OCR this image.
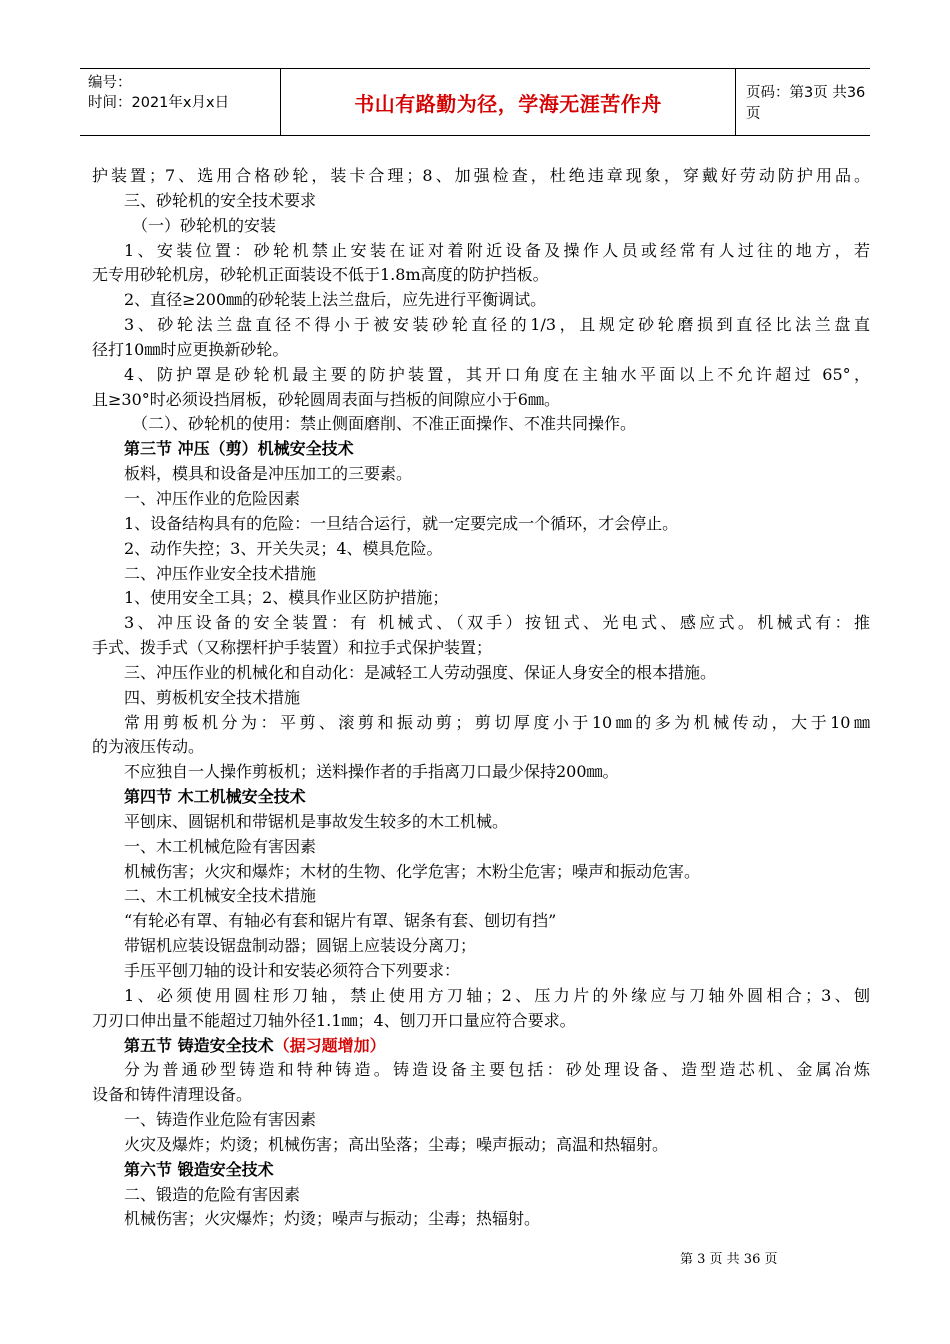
编号：
时间：2021年x月x日	书山有路勤为径，学海无涯苦作舟	页码：第3页 共36页
护装置；7、选用合格砂轮，装卡合理；8、加强检查，杜绝违章现象，穿戴好劳动防护用品。
三、砂轮机的安全技术要求
（一）砂轮机的安装
1、安装位置：砂轮机禁止安装在证对着附近设备及操作人员或经常有人过往的地方，若
无专用砂轮机房，砂轮机正面装设不低于1.8m高度的防护挡板。
2、直径≥200㎜的砂轮装上法兰盘后，应先进行平衡调试。
3、砂轮法兰盘直径不得小于被安装砂轮直径的1/3，且规定砂轮磨损到直径比法兰盘直
径打10㎜时应更换新砂轮。
4、防护罩是砂轮机最主要的防护装置，其开口角度在主轴水平面以上不允许超过 65°，
且≥30°时必须设挡屑板，砂轮圆周表面与挡板的间隙应小于6㎜。
（二）、砂轮机的使用：禁止侧面磨削、不准正面操作、不准共同操作。
第三节 冲压（剪）机械安全技术
板料，模具和设备是冲压加工的三要素。
一、冲压作业的危险因素
1、设备结构具有的危险：一旦结合运行，就一定要完成一个循环，才会停止。
2、动作失控；3、开关失灵；4、模具危险。
二、冲压作业安全技术措施
1、使用安全工具；2、模具作业区防护措施；
3、冲压设备的安全装置：有 机械式、（双手）按钮式、光电式、感应式。机械式有：推
手式、拨手式（又称摆杆护手装置）和拉手式保护装置；
三、冲压作业的机械化和自动化：是减轻工人劳动强度、保证人身安全的根本措施。
四、剪板机安全技术措施
常用剪板机分为：平剪、滚剪和振动剪；剪切厚度小于10㎜的多为机械传动，大于10㎜
的为液压传动。
不应独自一人操作剪板机；送料操作者的手指离刀口最少保持200㎜。
第四节 木工机械安全技术
平刨床、圆锯机和带锯机是事故发生较多的木工机械。
一、木工机械危险有害因素
机械伤害；火灾和爆炸；木材的生物、化学危害；木粉尘危害；噪声和振动危害。
二、木工机械安全技术措施
“有轮必有罩、有轴必有套和锯片有罩、锯条有套、刨切有挡”
带锯机应装设锯盘制动器；圆锯上应装设分离刀；
手压平刨刀轴的设计和安装必须符合下列要求：
1、必须使用圆柱形刀轴，禁止使用方刀轴；2、压力片的外缘应与刀轴外圆相合；3、刨
刀刃口伸出量不能超过刀轴外径1.1㎜；4、刨刀开口量应符合要求。
第五节 铸造安全技术（据习题增加）
分为普通砂型铸造和特种铸造。铸造设备主要包括：砂处理设备、造型造芯机、金属冶炼
设备和铸件清理设备。
一、铸造作业危险有害因素
火灾及爆炸；灼烫；机械伤害；高出坠落；尘毒；噪声振动；高温和热辐射。
第六节 锻造安全技术
二、锻造的危险有害因素
机械伤害；火灾爆炸；灼烫；噪声与振动；尘毒；热辐射。
第 3 页 共 36 页
